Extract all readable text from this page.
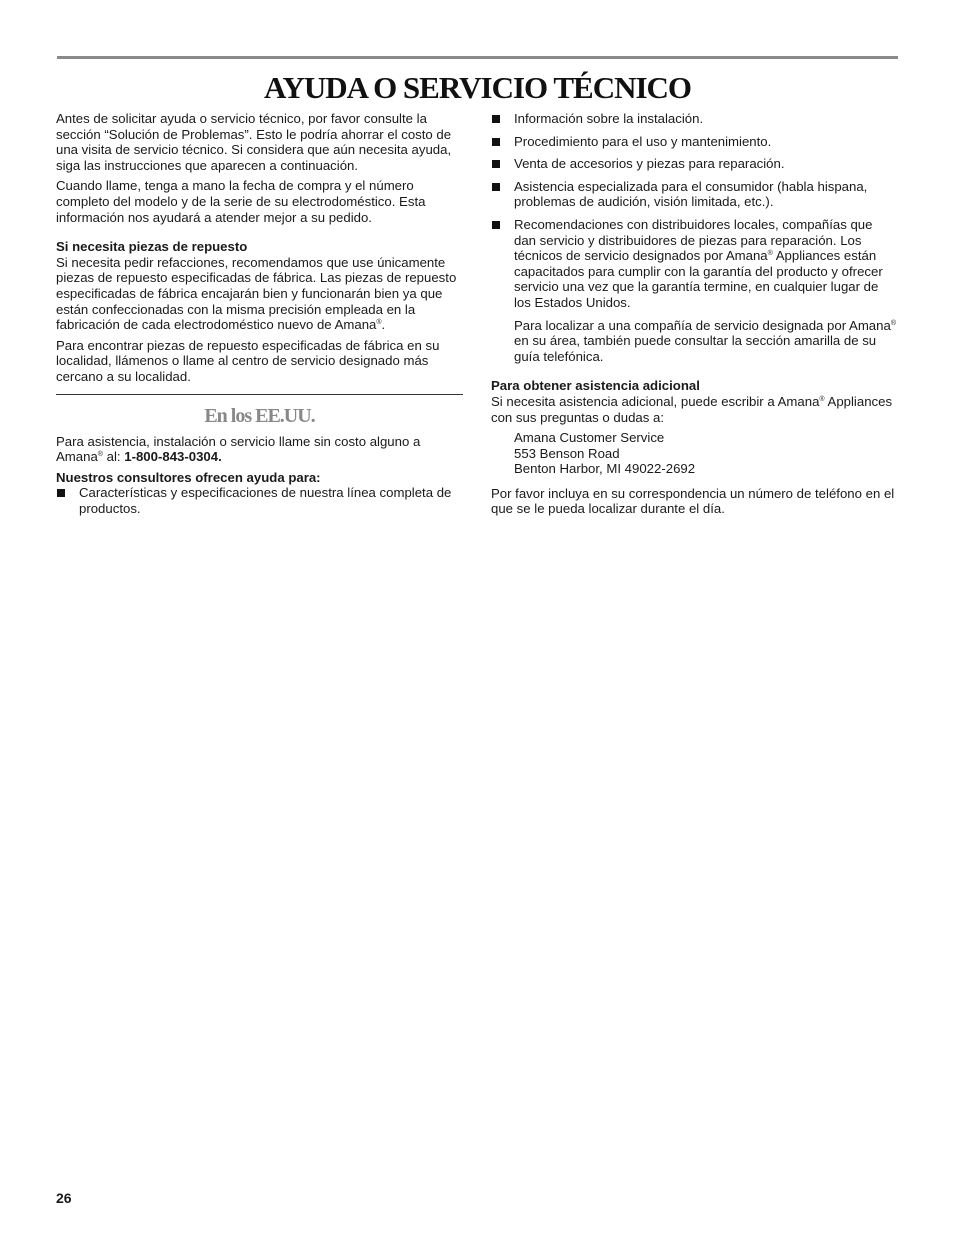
AYUDA O SERVICIO TÉCNICO

Antes de solicitar ayuda o servicio técnico, por favor consulte la sección “Solución de Problemas”. Esto le podría ahorrar el costo de una visita de servicio técnico. Si considera que aún necesita ayuda, siga las instrucciones que aparecen a continuación.

Cuando llame, tenga a mano la fecha de compra y el número completo del modelo y de la serie de su electrodoméstico. Esta información nos ayudará a atender mejor a su pedido.

Si necesita piezas de repuesto

Si necesita pedir refacciones, recomendamos que use únicamente piezas de repuesto especificadas de fábrica. Las piezas de repuesto especificadas de fábrica encajarán bien y funcionarán bien ya que están confeccionadas con la misma precisión empleada en la fabricación de cada electrodoméstico nuevo de Amana®.

Para encontrar piezas de repuesto especificadas de fábrica en su localidad, llámenos o llame al centro de servicio designado más cercano a su localidad.

En los EE.UU.

Para asistencia, instalación o servicio llame sin costo alguno a Amana® al: 1-800-843-0304.

Nuestros consultores ofrecen ayuda para:
Características y especificaciones de nuestra línea completa de productos.
Información sobre la instalación.
Procedimiento para el uso y mantenimiento.
Venta de accesorios y piezas para reparación.
Asistencia especializada para el consumidor (habla hispana, problemas de audición, visión limitada, etc.).
Recomendaciones con distribuidores locales, compañías que dan servicio y distribuidores de piezas para reparación. Los técnicos de servicio designados por Amana® Appliances están capacitados para cumplir con la garantía del producto y ofrecer servicio una vez que la garantía termine, en cualquier lugar de los Estados Unidos.

Para localizar a una compañía de servicio designada por Amana® en su área, también puede consultar la sección amarilla de su guía telefónica.

Para obtener asistencia adicional

Si necesita asistencia adicional, puede escribir a Amana® Appliances con sus preguntas o dudas a:

Amana Customer Service
553 Benson Road
Benton Harbor, MI 49022-2692

Por favor incluya en su correspondencia un número de teléfono en el que se le pueda localizar durante el día.

26
